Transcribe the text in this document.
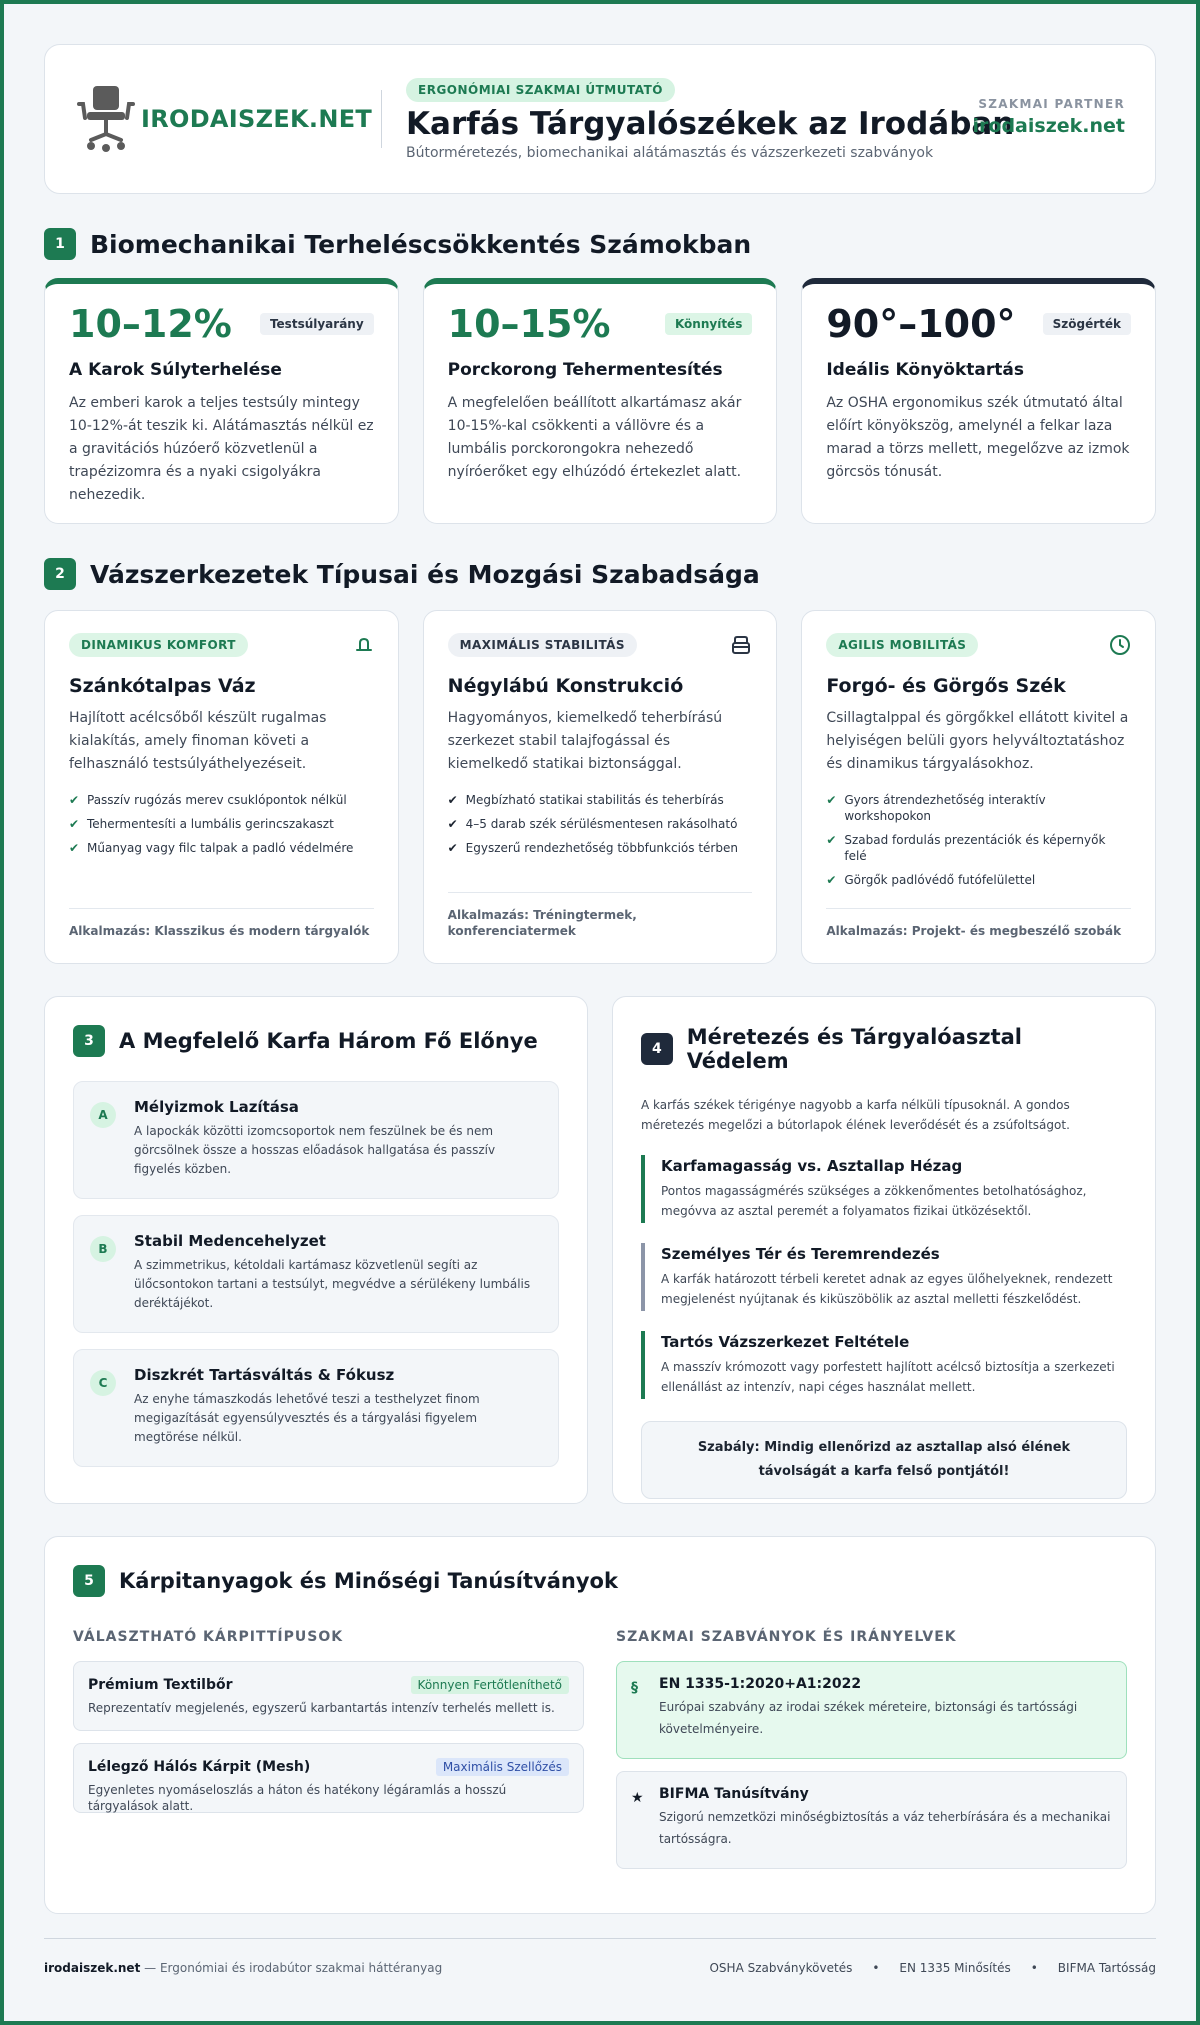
IRODAISZEK.NET
ERGONÓMIAI SZAKMAI ÚTMUTATÓ
Karfás Tárgyalószékek az Irodában
Bútorméretezés, biomechanikai alátámasztás és vázszerkezeti szabványok
SZAKMAI PARTNER
irodaiszek.net
1	Biomechanikai Terheléscsökkentés Számokban
10–12%	Testsúlyarány
A Karok Súlyterhelése
Az emberi karok a teljes testsúly mintegy 10-12%-át teszik ki. Alátámasztás nélkül ez a gravitációs húzóerő közvetlenül a trapézizomra és a nyaki csigolyákra nehezedik.
10–15%	Könnyítés
Porckorong Tehermentesítés
A megfelelően beállított alkartámasz akár 10-15%-kal csökkenti a vállövre és a lumbális porckorongokra nehezedő nyíróerőket egy elhúzódó értekezlet alatt.
90°–100°	Szögérték
Ideális Könyöktartás
Az OSHA ergonomikus szék útmutató által előírt könyökszög, amelynél a felkar laza marad a törzs mellett, megelőzve az izmok görcsös tónusát.
2	Vázszerkezetek Típusai és Mozgási Szabadsága
DINAMIKUS KOMFORT
Szánkótalpas Váz
Hajlított acélcsőből készült rugalmas kialakítás, amely finoman követi a felhasználó testsúlyáthelyezéseit.
✔ Passzív rugózás merev csuklópontok nélkül
✔ Tehermentesíti a lumbális gerincszakaszt
✔ Műanyag vagy filc talpak a padló védelmére
Alkalmazás: Klasszikus és modern tárgyalók
MAXIMÁLIS STABILITÁS
Négylábú Konstrukció
Hagyományos, kiemelkedő teherbírású szerkezet stabil talajfogással és kiemelkedő statikai biztonsággal.
✔ Megbízható statikai stabilitás és teherbírás
✔ 4–5 darab szék sérülésmentesen rakásolható
✔ Egyszerű rendezhetőség többfunkciós térben
Alkalmazás: Tréningtermek, konferenciatermek
AGILIS MOBILITÁS
Forgó- és Görgős Szék
Csillagtalppal és görgőkkel ellátott kivitel a helyiségen belüli gyors helyváltoztatáshoz és dinamikus tárgyalásokhoz.
✔ Gyors átrendezhetőség interaktív workshopokon
✔ Szabad fordulás prezentációk és képernyők felé
✔ Görgők padlóvédő futófelülettel
Alkalmazás: Projekt- és megbeszélő szobák
3	A Megfelelő Karfa Három Fő Előnye
A	Mélyizmok Lazítása
A lapockák közötti izomcsoportok nem feszülnek be és nem görcsölnek össze a hosszas előadások hallgatása és passzív figyelés közben.
B	Stabil Medencehelyzet
A szimmetrikus, kétoldali kartámasz közvetlenül segíti az ülőcsontokon tartani a testsúlyt, megvédve a sérülékeny lumbális deréktájékot.
C	Diszkrét Tartásváltás & Fókusz
Az enyhe támaszkodás lehetővé teszi a testhelyzet finom megigazítását egyensúlyvesztés és a tárgyalási figyelem megtörése nélkül.
4	Méretezés és Tárgyalóasztal Védelem
A karfás székek térigénye nagyobb a karfa nélküli típusoknál. A gondos méretezés megelőzi a bútorlapok élének leverődését és a zsúfoltságot.
Karfamagasság vs. Asztallap Hézag
Pontos magasságmérés szükséges a zökkenőmentes betolhatósághoz, megóvva az asztal peremét a folyamatos fizikai ütközésektől.
Személyes Tér és Teremrendezés
A karfák határozott térbeli keretet adnak az egyes ülőhelyeknek, rendezett megjelenést nyújtanak és kiküszöbölik az asztal melletti fészkelődést.
Tartós Vázszerkezet Feltétele
A masszív krómozott vagy porfestett hajlított acélcső biztosítja a szerkezeti ellenállást az intenzív, napi céges használat mellett.
Szabály: Mindig ellenőrizd az asztallap alsó élének távolságát a karfa felső pontjától!
5	Kárpitanyagok és Minőségi Tanúsítványok
VÁLASZTHATÓ KÁRPITTÍPUSOK
Prémium Textilbőr	Könnyen Fertőtleníthető
Reprezentatív megjelenés, egyszerű karbantartás intenzív terhelés mellett is.
Lélegző Hálós Kárpit (Mesh)	Maximális Szellőzés
Egyenletes nyomáseloszlás a háton és hatékony légáramlás a hosszú tárgyalások alatt.
SZAKMAI SZABVÁNYOK ÉS IRÁNYELVEK
§ EN 1335-1:2020+A1:2022
Európai szabvány az irodai székek méreteire, biztonsági és tartóssági követelményeire.
★ BIFMA Tanúsítvány
Szigorú nemzetközi minőségbiztosítás a váz teherbírására és a mechanikai tartósságra.
irodaiszek.net — Ergonómiai és irodabútor szakmai háttéranyag	OSHA Szabványkövetés • EN 1335 Minősítés • BIFMA Tartósság
